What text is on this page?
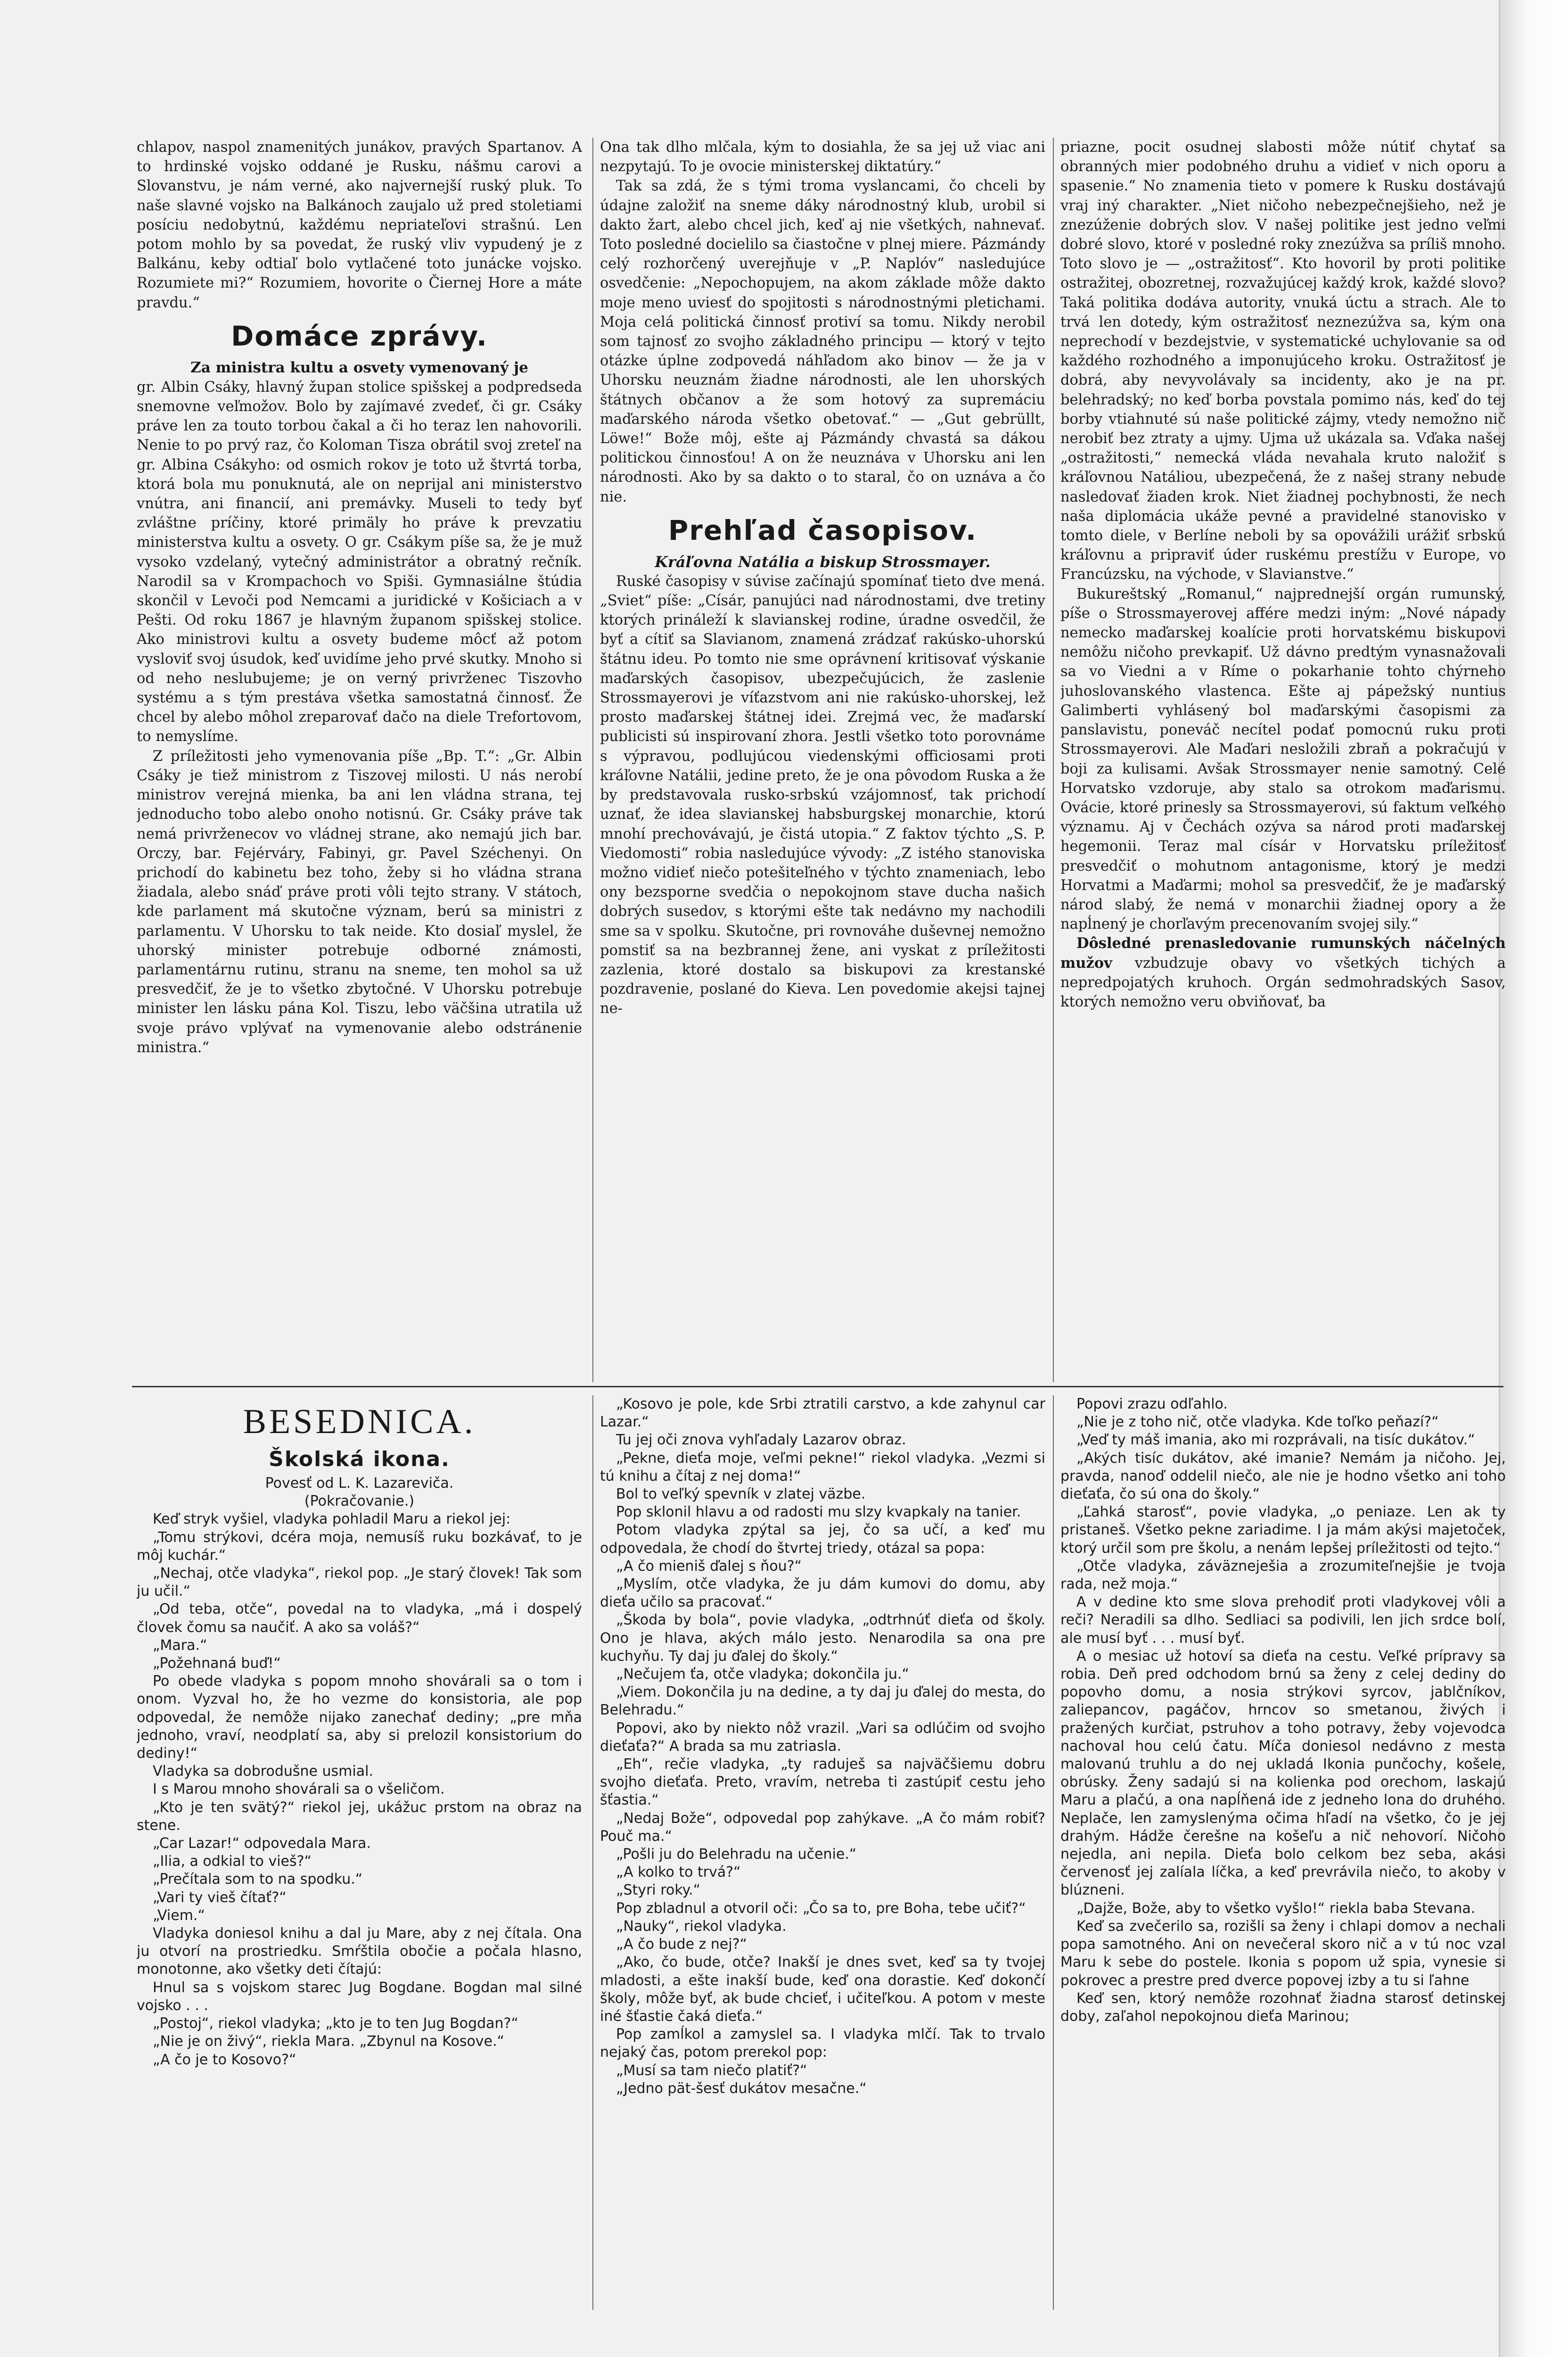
chlapov, naspol znamenitých junákov, pravých Spartanov. A to hrdinské vojsko oddané je Rusku, nášmu carovi a Slovanstvu, je nám verné, ako najvernejší ruský pluk. To naše slavné vojsko na Balkánoch zaujalo už pred stoletiami posíciu nedobytnú, každému nepriateľovi strašnú. Len potom mohlo by sa povedat, že ruský vliv vypudený je z Balkánu, keby odtiaľ bolo vytlačené toto junácke vojsko. Rozumiete mi?“ Rozumiem, hovorite o Čiernej Hore a máte pravdu.“

Domáce zprávy.
Za ministra kultu a osvety vymenovaný je

gr. Albin Csáky, hlavný župan stolice spišskej a podpredseda snemovne veľmožov. Bolo by zajímavé zvedeť, či gr. Csáky práve len za touto torbou čakal a či ho teraz len nahovorili. Nenie to po prvý raz, čo Koloman Tisza obrátil svoj zreteľ na gr. Albina Csákyho: od osmich rokov je toto už štvrtá torba, ktorá bola mu ponuknutá, ale on neprijal ani ministerstvo vnútra, ani financií, ani premávky. Museli to tedy byť zvláštne príčiny, ktoré primäly ho práve k prevzatiu ministerstva kultu a osvety. O gr. Csákym píše sa, že je muž vysoko vzdelaný, vytečný administrátor a obratný rečník. Narodil sa v Krompachoch vo Spiši. Gymnasiálne štúdia skončil v Levoči pod Nemcami a juridické v Košiciach a v Pešti. Od roku 1867 je hlavným županom spišskej stolice. Ako ministrovi kultu a osvety budeme môcť až potom vysloviť svoj úsudok, keď uvidíme jeho prvé skutky. Mnoho si od neho neslubujeme; je on verný privrženec Tiszovho systému a s tým prestáva všetka samostatná činnosť. Že chcel by alebo môhol zreparovať dačo na diele Trefortovom, to nemyslíme.

Z príležitosti jeho vymenovania píše „Bp. T.“: „Gr. Albin Csáky je tiež ministrom z Tiszovej milosti. U nás nerobí ministrov verejná mienka, ba ani len vládna strana, tej jednoducho tobo alebo onoho notisnú. Gr. Csáky práve tak nemá privrženecov vo vládnej strane, ako nemajú jich bar. Orczy, bar. Fejérváry, Fabinyi, gr. Pavel Széchenyi. On prichodí do kabinetu bez toho, žeby si ho vládna strana žiadala, alebo snáď práve proti vôli tejto strany. V státoch, kde parlament má skutočne význam, berú sa ministri z parlamentu. V Uhorsku to tak neide. Kto dosiaľ myslel, že uhorský minister potrebuje odborné známosti, parlamentárnu rutinu, stranu na sneme, ten mohol sa už presvedčiť, že je to všetko zbytočné. V Uhorsku potrebuje minister len lásku pána Kol. Tiszu, lebo väčšina utratila už svoje právo vplývať na vymenovanie alebo odstránenie ministra.“

Ona tak dlho mlčala, kým to dosiahla, že sa jej už viac ani nezpytajú. To je ovocie ministerskej diktatúry.“

Tak sa zdá, že s tými troma vyslancami, čo chceli by údajne založiť na sneme dáky národnostný klub, urobil si dakto žart, alebo chcel jich, keď aj nie všetkých, nahnevať. Toto posledné docielilo sa čiastočne v plnej miere. Pázmándy celý rozhorčený uverejňuje v „P. Naplóv“ nasledujúce osvedčenie: „Nepochopujem, na akom základe môže dakto moje meno uviesť do spojitosti s národnostnými pletichami. Moja celá politická činnosť protiví sa tomu. Nikdy nerobil som tajnosť zo svojho základného principu — ktorý v tejto otázke úplne zodpovedá náhľadom ako binov — že ja v Uhorsku neuznám žiadne národnosti, ale len uhorských štátnych občanov a že som hotový za supremáciu maďarského národa všetko obetovať.“ — „Gut gebrüllt, Löwe!“ Bože môj, ešte aj Pázmándy chvastá sa dákou politickou činnosťou! A on že neuznáva v Uhorsku ani len národnosti. Ako by sa dakto o to staral, čo on uznáva a čo nie.

Prehľad časopisov.
Kráľovna Natália a biskup Strossmayer.

Ruské časopisy v súvise začínajú spomínať tieto dve mená. „Sviet“ píše: „Císár, panujúci nad národnostami, dve tretiny ktorých prináleží k slavianskej rodine, úradne osvedčil, že byť a cítiť sa Slavianom, znamená zrádzať rakúsko-uhorskú štátnu ideu. Po tomto nie sme oprávnení kritisovať výskanie maďarských časopisov, ubezpečujúcich, že zaslenie Strossmayerovi je víťazstvom ani nie rakúsko-uhorskej, lež prosto maďarskej štátnej idei. Zrejmá vec, že maďarskí publicisti sú inspirovaní zhora. Jestli všetko toto porovnáme s výpravou, podlujúcou viedenskými officiosami proti kráľovne Natálii, jedine preto, že je ona pôvodom Ruska a že by predstavovala rusko-srbskú vzájomnosť, tak prichodí uznať, že idea slavianskej habsburgskej monarchie, ktorú mnohí prechovávajú, je čistá utopia.“ Z faktov týchto „S. P. Viedomosti“ robia nasledujúce vývody: „Z istého stanoviska možno vidieť niečo potešiteľného v týchto znameniach, lebo ony bezsporne svedčia o nepokojnom stave ducha našich dobrých susedov, s ktorými ešte tak nedávno my nachodili sme sa v spolku. Skutočne, pri rovnováhe duševnej nemožno pomstiť sa na bezbrannej žene, ani vyskat z príležitosti zazlenia, ktoré dostalo sa biskupovi za krestanské pozdravenie, poslané do Kieva. Len povedomie akejsi tajnej ne-

priazne, pocit osudnej slabosti môže nútiť chytať sa obranných mier podobného druhu a vidieť v nich oporu a spasenie.“ No znamenia tieto v pomere k Rusku dostávajú vraj iný charakter. „Niet ničoho nebezpečnejšieho, než je znezúženie dobrých slov. V našej politike jest jedno veľmi dobré slovo, ktoré v posledné roky znezúžva sa príliš mnoho. Toto slovo je — „ostražitosť“. Kto hovoril by proti politike ostražitej, obozretnej, rozvažujúcej každý krok, každé slovo? Taká politika dodáva autority, vnuká úctu a strach. Ale to trvá len dotedy, kým ostražitosť neznezúžva sa, kým ona neprechodí v bezdejstvie, v systematické uchylovanie sa od každého rozhodného a imponujúceho kroku. Ostražitosť je dobrá, aby nevyvolávaly sa incidenty, ako je na pr. belehradský; no keď borba povstala pomimo nás, keď do tej borby vtiahnuté sú naše politické zájmy, vtedy nemožno nič nerobiť bez ztraty a ujmy. Ujma už ukázala sa. Vďaka našej „ostražitosti,“ nemecká vláda nevahala kruto naložiť s kráľovnou Natáliou, ubezpečená, že z našej strany nebude nasledovať žiaden krok. Niet žiadnej pochybnosti, že nech naša diplomácia ukáže pevné a pravidelné stanovisko v tomto diele, v Berlíne neboli by sa opovážili urážiť srbskú kráľovnu a pripraviť úder ruskému prestížu v Europe, vo Francúzsku, na východe, v Slavianstve.“

Bukureštský „Romanul,“ najprednejší orgán rumunský, píše o Strossmayerovej affére medzi iným: „Nové nápady nemecko maďarskej koalície proti horvatskému biskupovi nemôžu ničoho prevkapiť. Už dávno predtým vynasnažovali sa vo Viedni a v Ríme o pokarhanie tohto chýrneho juhoslovanského vlastenca. Ešte aj pápežský nuntius Galimberti vyhlásený bol maďarskými časopismi za panslavistu, poneváč necítel podať pomocnú ruku proti Strossmayerovi. Ale Maďari nesložili zbraň a pokračujú v boji za kulisami. Avšak Strossmayer nenie samotný. Celé Horvatsko vzdoruje, aby stalo sa otrokom maďarismu. Ovácie, ktoré prinesly sa Strossmayerovi, sú faktum veľkého významu. Aj v Čechách ozýva sa národ proti maďarskej hegemonii. Teraz mal císár v Horvatsku príležitosť presvedčiť o mohutnom antagonisme, ktorý je medzi Horvatmi a Maďarmi; mohol sa presvedčiť, že je maďarský národ slabý, že nemá v monarchii žiadnej opory a že napĺnený je chorľavým precenovaním svojej sily.“

Dôsledné prenasledovanie rumunských náčelných mužov vzbudzuje obavy vo všetkých tichých a nepredpojatých kruhoch. Orgán sedmohradských Sasov, ktorých nemožno veru obviňovať, ba

BESEDNICA.
Školská ikona.

Povesť od L. K. Lazareviča.

(Pokračovanie.)

Keď stryk vyšiel, vladyka pohladil Maru a riekol jej:

„Tomu strýkovi, dcéra moja, nemusíš ruku bozkávať, to je môj kuchár.“

„Nechaj, otče vladyka“, riekol pop. „Je starý človek! Tak som ju učil.“

„Od teba, otče“, povedal na to vladyka, „má i dospelý človek čomu sa naučiť. A ako sa voláš?“

„Mara.“

„Požehnaná buď!“

Po obede vladyka s popom mnoho shovárali sa o tom i onom. Vyzval ho, že ho vezme do konsistoria, ale pop odpovedal, že nemôže nijako zanechať dediny; „pre mňa jednoho, vraví, neodplatí sa, aby si prelozil konsistorium do dediny!“

Vladyka sa dobrodušne usmial.

I s Marou mnoho shovárali sa o všeličom.

„Kto je ten svätý?“ riekol jej, ukážuc prstom na obraz na stene.

„Car Lazar!“ odpovedala Mara.

„Ilia, a odkial to vieš?“

„Prečítala som to na spodku.“

„Vari ty vieš čítať?“

„Viem.“

Vladyka doniesol knihu a dal ju Mare, aby z nej čítala. Ona ju otvorí na prostriedku. Smŕštila obočie a počala hlasno, monotonne, ako všetky deti čítajú:

Hnul sa s vojskom starec Jug Bogdane. Bogdan mal silné vojsko . . .

„Postoj“, riekol vladyka; „kto je to ten Jug Bogdan?“

„Nie je on živý“, riekla Mara. „Zbynul na Kosove.“

„A čo je to Kosovo?“

„Kosovo je pole, kde Srbi ztratili carstvo, a kde zahynul car Lazar.“

Tu jej oči znova vyhľadaly Lazarov obraz.

„Pekne, dieťa moje, veľmi pekne!“ riekol vladyka. „Vezmi si tú knihu a čítaj z nej doma!“

Bol to veľký spevník v zlatej väzbe.

Pop sklonil hlavu a od radosti mu slzy kvapkaly na tanier.

Potom vladyka zpýtal sa jej, čo sa učí, a keď mu odpovedala, že chodí do štvrtej triedy, otázal sa popa:

„A čo mieniš ďalej s ňou?“

„Myslím, otče vladyka, že ju dám kumovi do domu, aby dieťa učilo sa pracovať.“

„Škoda by bola“, povie vladyka, „odtrhnúť dieťa od školy. Ono je hlava, akých málo jesto. Nenarodila sa ona pre kuchyňu. Ty daj ju ďalej do školy.“

„Nečujem ťa, otče vladyka; dokončila ju.“

„Viem. Dokončila ju na dedine, a ty daj ju ďalej do mesta, do Belehradu.“

Popovi, ako by niekto nôž vrazil. „Vari sa odlúčim od svojho dieťaťa?“ A brada sa mu zatriasla.

„Eh“, rečie vladyka, „ty raduješ sa najväčšiemu dobru svojho dieťaťa. Preto, vravím, netreba ti zastúpiť cestu jeho šťastia.“

„Nedaj Bože“, odpovedal pop zahýkave. „A čo mám robiť? Pouč ma.“

„Pošli ju do Belehradu na učenie.“

„A kolko to trvá?“

„Styri roky.“

Pop zbladnul a otvoril oči: „Čo sa to, pre Boha, tebe učiť?“

„Nauky“, riekol vladyka.

„A čo bude z nej?“

„Ako, čo bude, otče? Inakší je dnes svet, keď sa ty tvojej mladosti, a ešte inakší bude, keď ona dorastie. Keď dokončí školy, môže byť, ak bude chcieť, i učiteľkou. A potom v meste iné šťastie čaká dieťa.“

Pop zamĺkol a zamyslel sa. I vladyka mlčí. Tak to trvalo nejaký čas, potom prerekol pop:

„Musí sa tam niečo platiť?“

„Jedno pät-šesť dukátov mesačne.“

Popovi zrazu odľahlo.

„Nie je z toho nič, otče vladyka. Kde toľko peňazí?“

„Veď ty máš imania, ako mi rozprávali, na tisíc dukátov.“

„Akých tisíc dukátov, aké imanie? Nemám ja ničoho. Jej, pravda, nanoď oddelil niečo, ale nie je hodno všetko ani toho dieťaťa, čo sú ona do školy.“

„Ľahká starosť“, povie vladyka, „o peniaze. Len ak ty pristaneš. Všetko pekne zariadime. I ja mám akýsi majetoček, ktorý určil som pre školu, a nenám lepšej príležitosti od tejto.“

„Otče vladyka, záväzneješia a zrozumiteľnejšie je tvoja rada, než moja.“

A v dedine kto sme slova prehodiť proti vladykovej vôli a reči? Neradili sa dlho. Sedliaci sa podivili, len jich srdce bolí, ale musí byť . . . musí byť.

A o mesiac už hotoví sa dieťa na cestu. Veľké prípravy sa robia. Deň pred odchodom brnú sa ženy z celej dediny do popovho domu, a nosia strýkovi syrcov, jablčníkov, zaliepancov, pagáčov, hrncov so smetanou, živých i pražených kurčiat, pstruhov a toho potravy, žeby vojevodca nachoval hou celú čatu. Míča doniesol nedávno z mesta malovanú truhlu a do nej ukladá Ikonia punčochy, košele, obrúsky. Ženy sadajú si na kolienka pod orechom, laskajú Maru a plačú, a ona napĺňená ide z jedneho lona do druhého. Neplače, len zamyslenýma očima hľadí na všetko, čo je jej drahým. Hádže čerešne na košeľu a nič nehovorí. Ničoho nejedla, ani nepila. Dieťa bolo celkom bez seba, akási červenosť jej zalíala líčka, a keď prevrávila niečo, to akoby v blúzneni.

„Dajže, Bože, aby to všetko vyšlo!“ riekla baba Stevana.

Keď sa zvečerilo sa, rozišli sa ženy i chlapi domov a nechali popa samotného. Ani on nevečeral skoro nič a v tú noc vzal Maru k sebe do postele. Ikonia s popom už spia, vynesie si pokrovec a prestre pred dverce popovej izby a tu si ľahne

Keď sen, ktorý nemôže rozohnať žiadna starosť detinskej doby, zaľahol nepokojnou dieťa Marinou;
